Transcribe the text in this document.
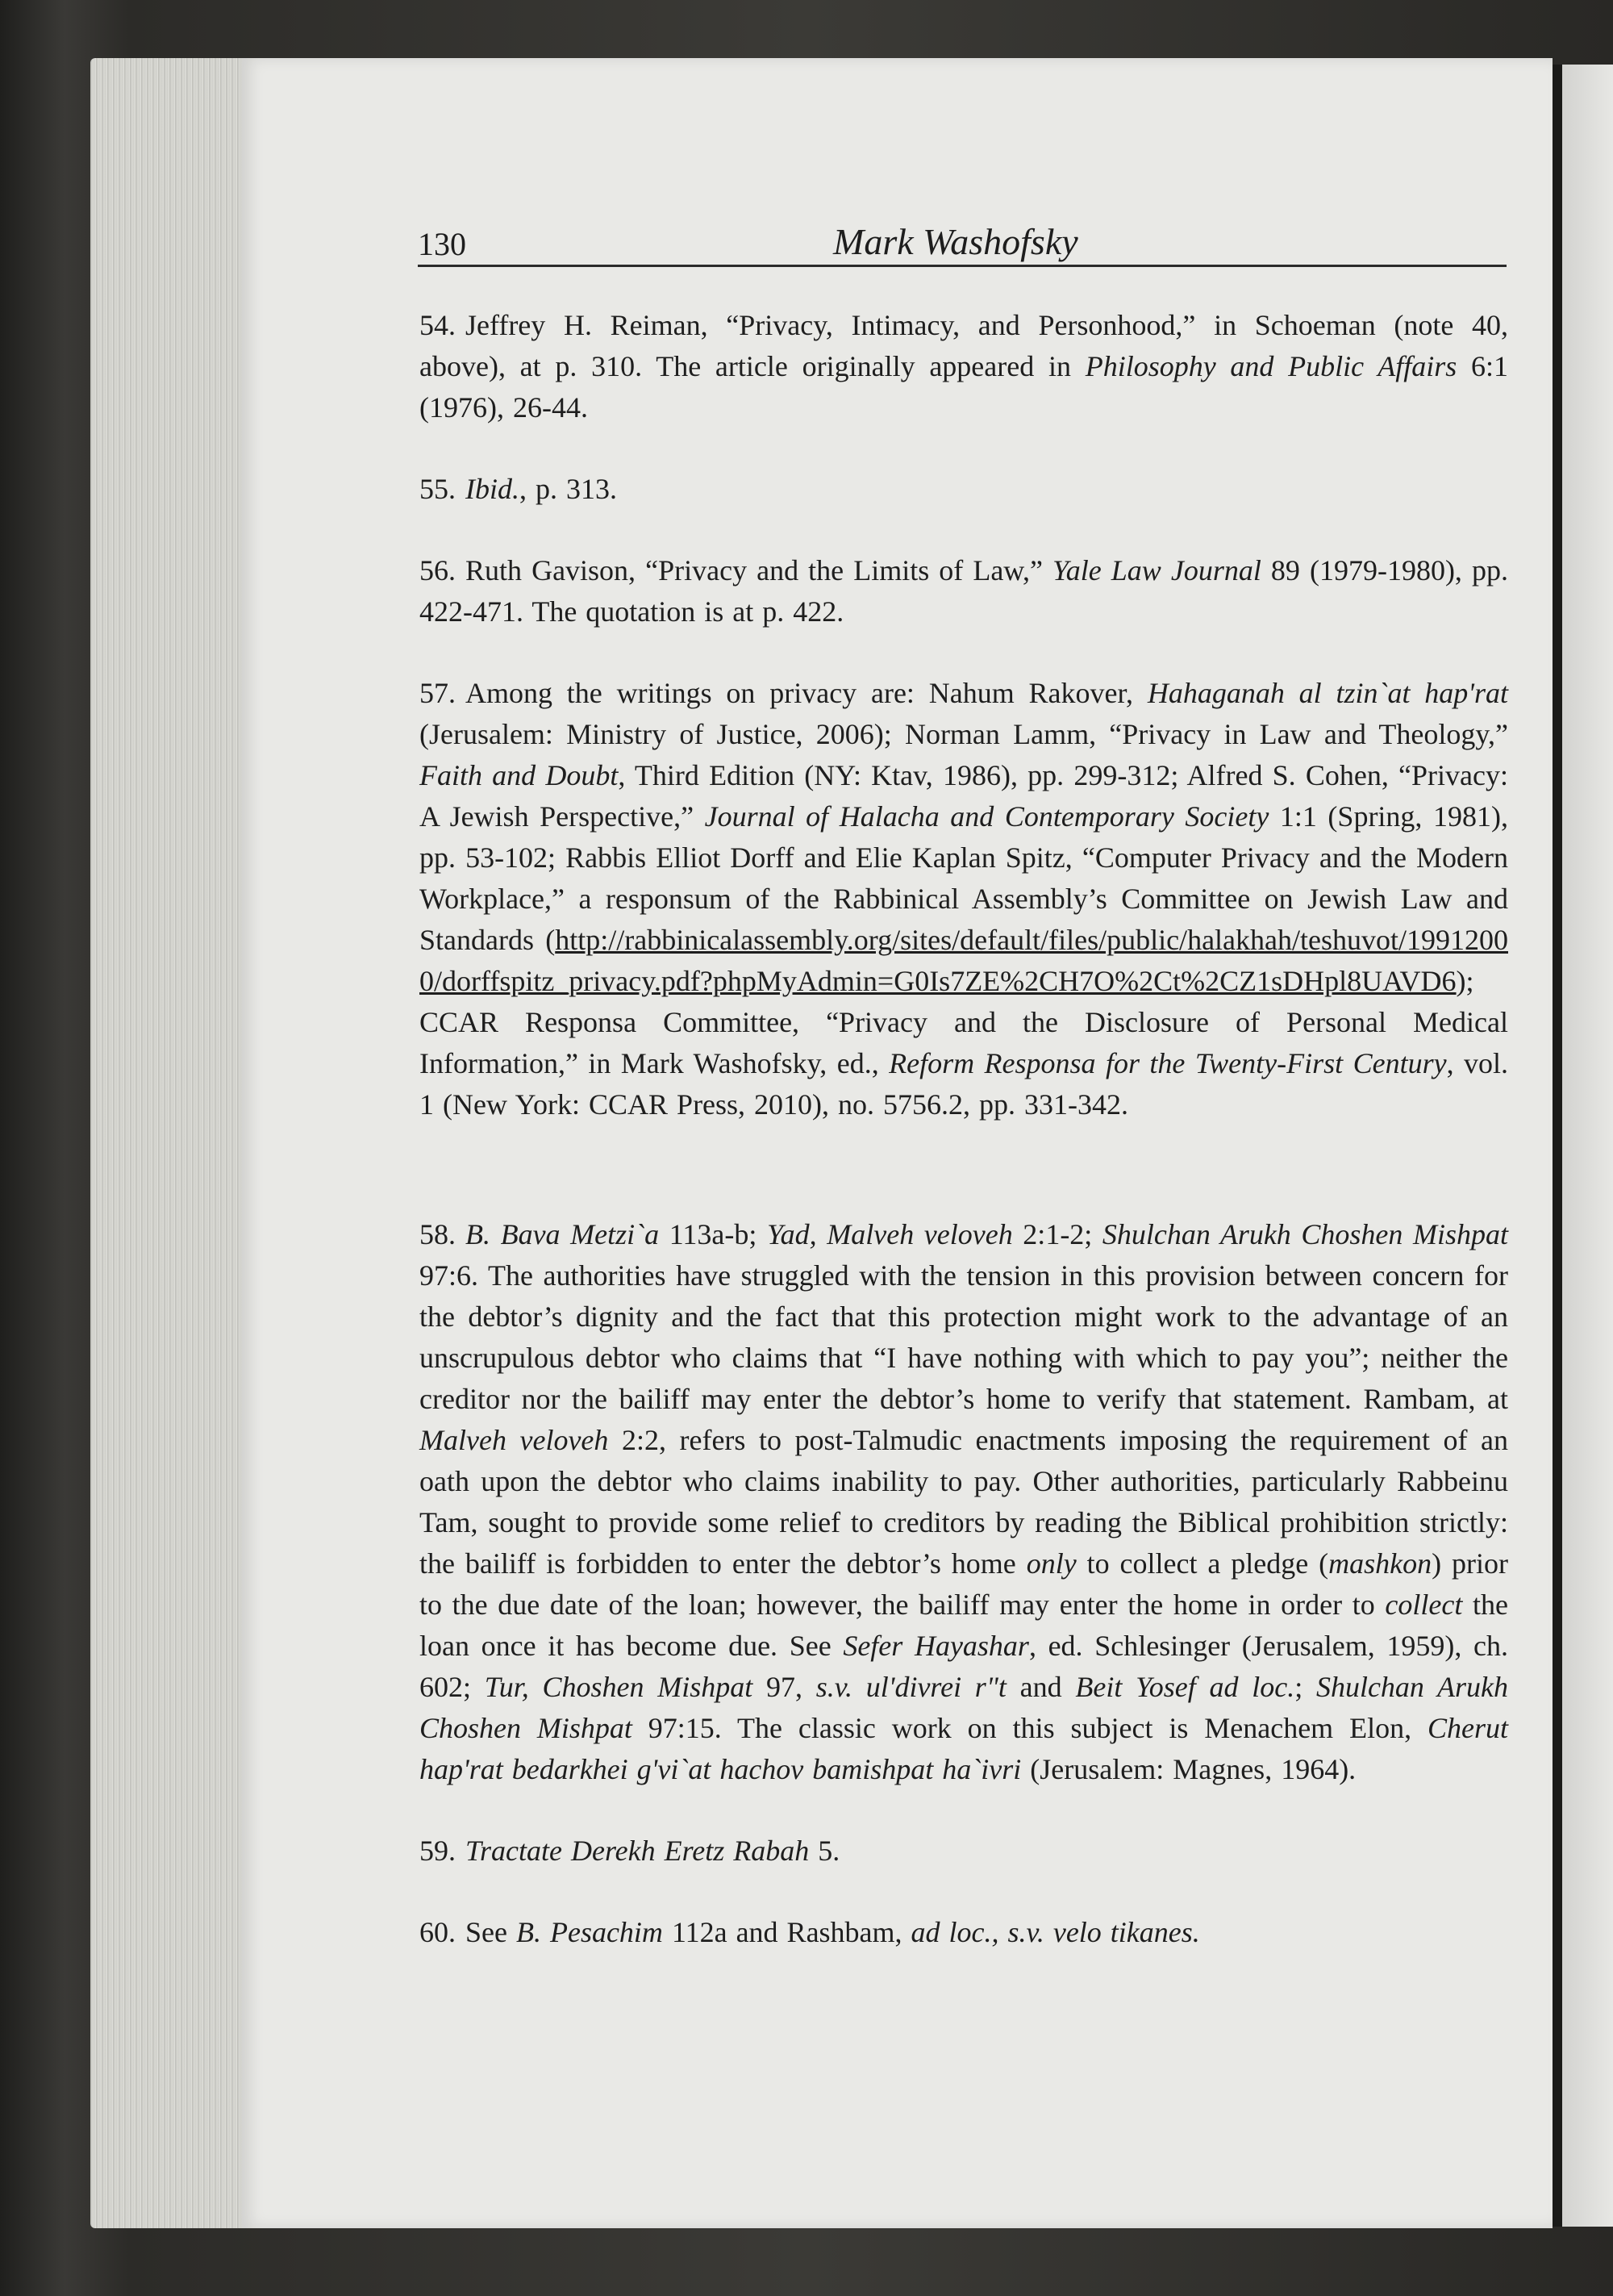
130	Mark Washofsky

54. Jeffrey H. Reiman, “Privacy, Intimacy, and Personhood,” in Schoeman (note 40, above), at p. 310. The article originally appeared in Philosophy and Public Affairs 6:1 (1976), 26-44.

55. Ibid., p. 313.

56. Ruth Gavison, “Privacy and the Limits of Law,” Yale Law Journal 89 (1979-1980), pp. 422-471. The quotation is at p. 422.

57. Among the writings on privacy are: Nahum Rakover, Hahaganah al tzin`at hap'rat (Jerusalem: Ministry of Justice, 2006); Norman Lamm, “Privacy in Law and Theology,” Faith and Doubt, Third Edition (NY: Ktav, 1986), pp. 299-312; Alfred S. Cohen, “Privacy: A Jewish Perspective,” Journal of Halacha and Contemporary Society 1:1 (Spring, 1981), pp. 53-102; Rabbis Elliot Dorff and Elie Kaplan Spitz, “Computer Privacy and the Modern Workplace,” a responsum of the Rabbinical Assembly’s Committee on Jewish Law and Standards (http://rabbinicalassembly.org/sites/default/files/public/halakhah/teshuvot/19912000/dorffspitz_privacy.pdf?phpMyAdmin=G0Is7ZE%2CH7O%2Ct%2CZ1sDHpl8UAVD6); CCAR Responsa Committee, “Privacy and the Disclosure of Personal Medical Information,” in Mark Washofsky, ed., Reform Responsa for the Twenty-First Century, vol. 1 (New York: CCAR Press, 2010), no. 5756.2, pp. 331-342.

58. B. Bava Metzi`a 113a-b; Yad, Malveh veloveh 2:1-2; Shulchan Arukh Choshen Mishpat 97:6. The authorities have struggled with the tension in this provision between concern for the debtor’s dignity and the fact that this protection might work to the advantage of an unscrupulous debtor who claims that “I have nothing with which to pay you”; neither the creditor nor the bailiff may enter the debtor’s home to verify that statement. Rambam, at Malveh veloveh 2:2, refers to post-Talmudic enactments imposing the requirement of an oath upon the debtor who claims inability to pay. Other authorities, particularly Rabbeinu Tam, sought to provide some relief to creditors by reading the Biblical prohibition strictly: the bailiff is forbidden to enter the debtor’s home only to collect a pledge (mashkon) prior to the due date of the loan; however, the bailiff may enter the home in order to collect the loan once it has become due. See Sefer Hayashar, ed. Schlesinger (Jerusalem, 1959), ch. 602; Tur, Choshen Mishpat 97, s.v. ul'divrei r"t and Beit Yosef ad loc.; Shulchan Arukh Choshen Mishpat 97:15. The classic work on this subject is Menachem Elon, Cherut hap'rat bedarkhei g'vi`at hachov bamishpat ha`ivri (Jerusalem: Magnes, 1964).

59. Tractate Derekh Eretz Rabah 5.

60. See B. Pesachim 112a and Rashbam, ad loc., s.v. velo tikanes.
